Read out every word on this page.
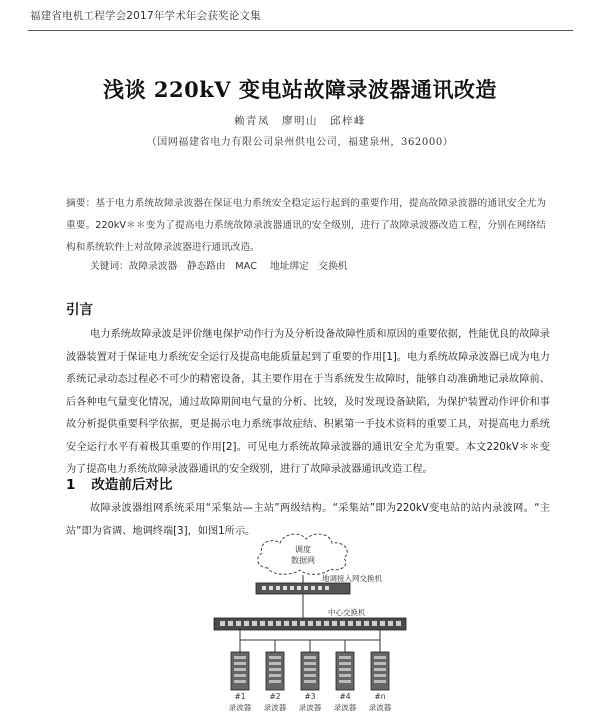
福建省电机工程学会2017年学术年会获奖论文集
浅谈 220kV 变电站故障录波器通讯改造
赖青凤　廖明山　邱梓峰
（国网福建省电力有限公司泉州供电公司，福建泉州，362000）
摘要：基于电力系统故障录波器在保证电力系统安全稳定运行起到的重要作用，提高故障录波器的通讯安全尤为重要。220kV＊＊变为了提高电力系统故障录波器通讯的安全级别，进行了故障录波器改造工程，分别在网络结构和系统软件上对故障录波器进行通讯改造。
关键词：故障录波器　静态路由　MAC 地址绑定　交换机
引言
电力系统故障录波是评价继电保护动作行为及分析设备故障性质和原因的重要依据，性能优良的故障录波器装置对于保证电力系统安全运行及提高电能质量起到了重要的作用[1]。电力系统故障录波器已成为电力系统记录动态过程必不可少的精密设备，其主要作用在于当系统发生故障时，能够自动准确地记录故障前、后各种电气量变化情况，通过故障期间电气量的分析、比较，及时发现设备缺陷，为保护装置动作评价和事故分析提供重要科学依据，更是揭示电力系统事故症结、积累第一手技术资料的重要工具，对提高电力系统安全运行水平有着极其重要的作用[2]。可见电力系统故障录波器的通讯安全尤为重要。本文220kV＊＊变为了提高电力系统故障录波器通讯的安全级别，进行了故障录波器通讯改造工程。
1 改造前后对比
故障录波器组网系统采用“采集站—主站”两级结构。“采集站”即为220kV变电站的站内录波网。“主站”即为省调、地调终端[3]，如图1所示。
调度
数据网
地调接入网交换机
中心交换机
#1
录波器
#2
录波器
#3
录波器
#4
录波器
#n
录波器
